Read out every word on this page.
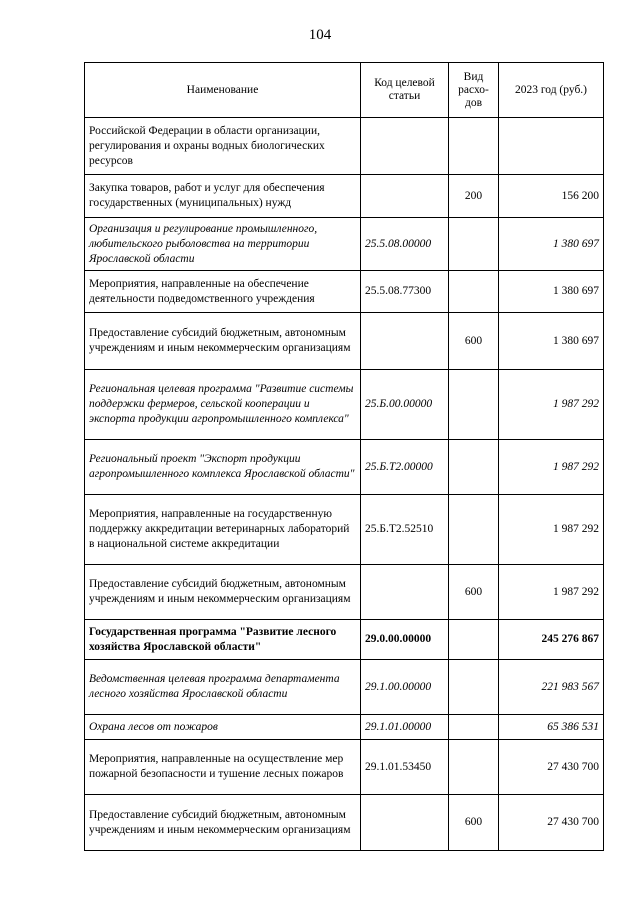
104
Наименование	Код целевой статьи	Вид расхо- дов	2023 год (руб.)
Российской Федерации в области организации, регулирования и охраны водных биологических ресурсов			
Закупка товаров, работ и услуг для обеспечения государственных (муниципальных) нужд		200	156 200
Организация и регулирование промышленного, любительского рыболовства на территории Ярославской области	25.5.08.00000		1 380 697
Мероприятия, направленные на обеспечение деятельности подведомственного учреждения	25.5.08.77300		1 380 697
Предоставление субсидий бюджетным, автономным учреждениям и иным некоммерческим организациям		600	1 380 697
Региональная целевая программа "Развитие системы поддержки фермеров, сельской кооперации и экспорта продукции агропромышленного комплекса"	25.Б.00.00000		1 987 292
Региональный проект "Экспорт продукции агропромышленного комплекса Ярославской области"	25.Б.Т2.00000		1 987 292
Мероприятия, направленные на государственную поддержку аккредитации ветеринарных лабораторий в национальной системе аккредитации	25.Б.Т2.52510		1 987 292
Предоставление субсидий бюджетным, автономным учреждениям и иным некоммерческим организациям		600	1 987 292
Государственная программа "Развитие лесного хозяйства Ярославской области"	29.0.00.00000		245 276 867
Ведомственная целевая программа департамента лесного хозяйства Ярославской области	29.1.00.00000		221 983 567
Охрана лесов от пожаров	29.1.01.00000		65 386 531
Мероприятия, направленные на осуществление мер пожарной безопасности и тушение лесных пожаров	29.1.01.53450		27 430 700
Предоставление субсидий бюджетным, автономным учреждениям и иным некоммерческим организациям		600	27 430 700
